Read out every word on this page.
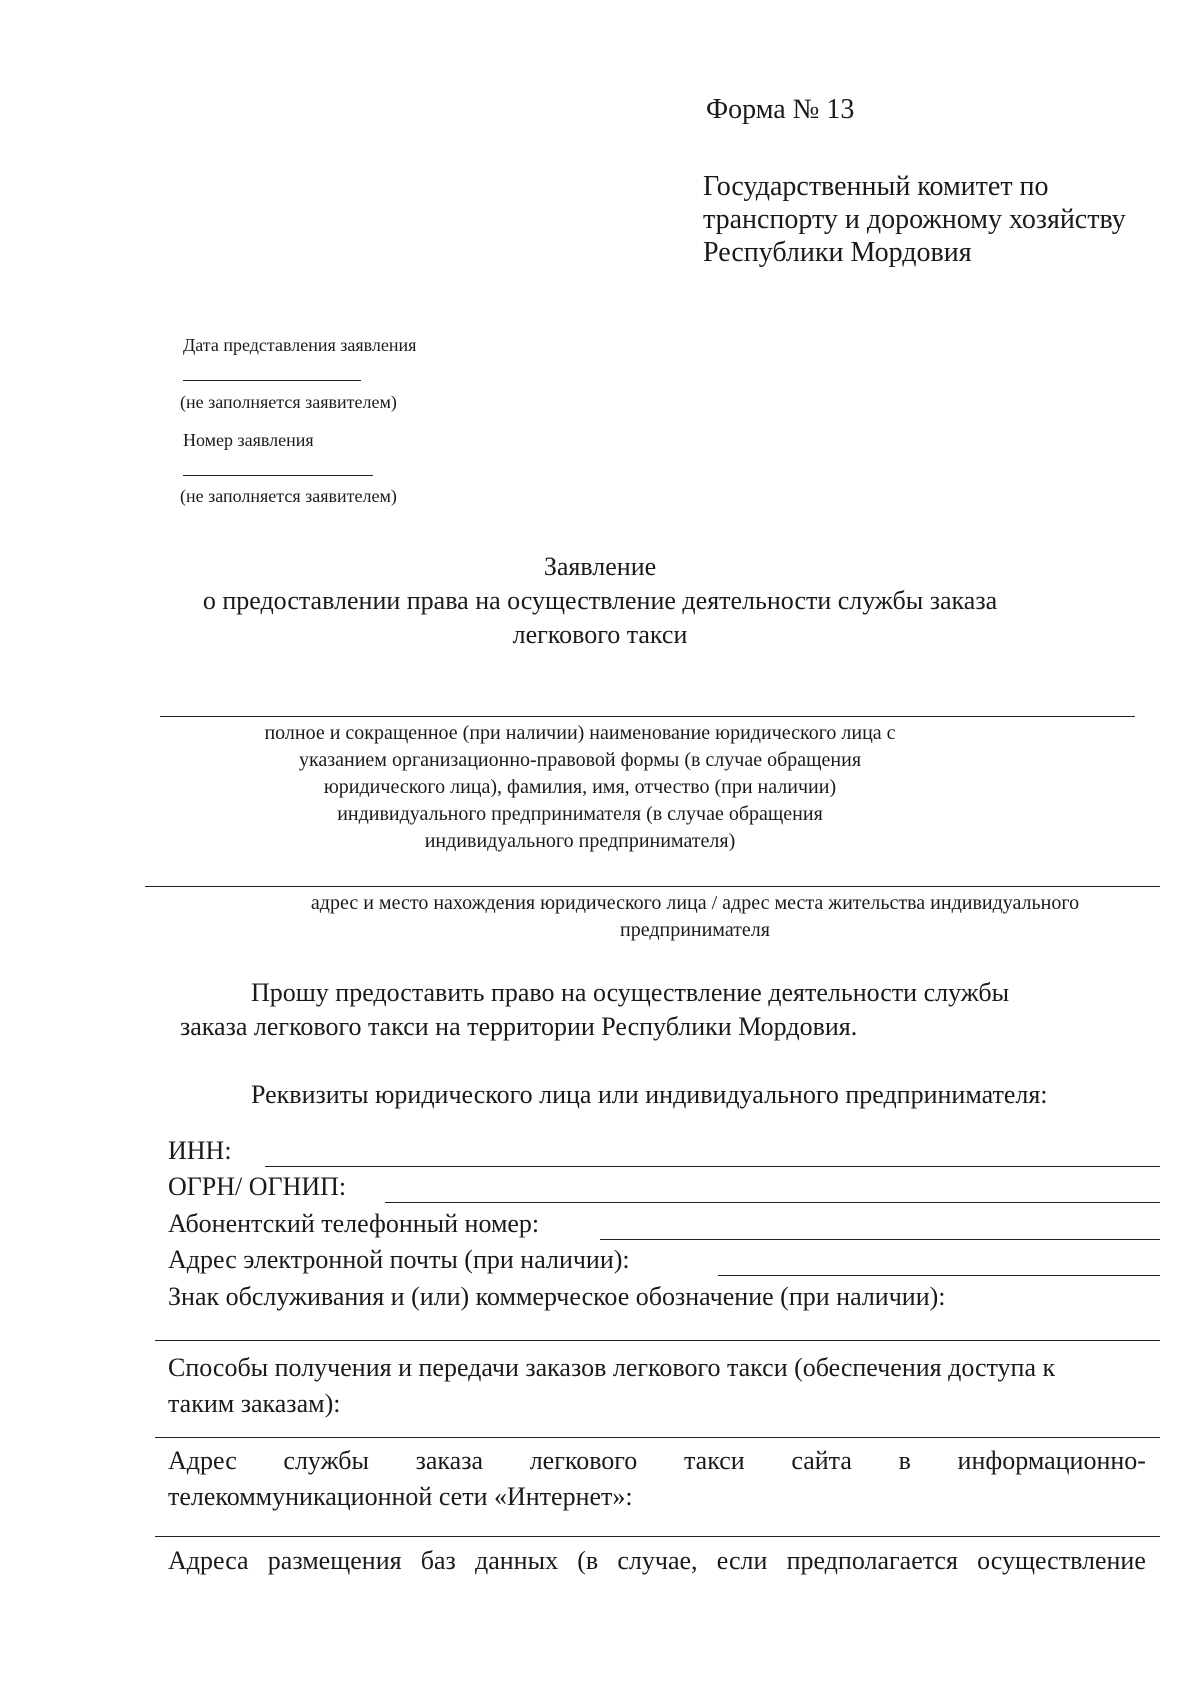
Форма № 13
Государственный комитет по
транспорту и дорожному хозяйству
Республики Мордовия
Дата представления заявления
(не заполняется заявителем)
Номер заявления
(не заполняется заявителем)
Заявление
о предоставлении права на осуществление деятельности службы заказа
легкового такси
полное и сокращенное (при наличии) наименование юридического лица с
указанием организационно-правовой формы (в случае обращения
юридического лица), фамилия, имя, отчество (при наличии)
индивидуального предпринимателя (в случае обращения
индивидуального предпринимателя)
адрес и место нахождения юридического лица / адрес места жительства индивидуального
предпринимателя
Прошу предоставить право на осуществление деятельности службы
заказа легкового такси на территории Республики Мордовия.
Реквизиты юридического лица или индивидуального предпринимателя:
ИНН:
ОГРН/ ОГНИП:
Абонентский телефонный номер:
Адрес электронной почты (при наличии):
Знак обслуживания и (или) коммерческое обозначение (при наличии):
Способы получения и передачи заказов легкового такси (обеспечения доступа к
таким заказам):
Адрес службы заказа легкового такси сайта в информационно-
телекоммуникационной сети «Интернет»:
Адреса размещения баз данных (в случае, если предполагается осуществление
